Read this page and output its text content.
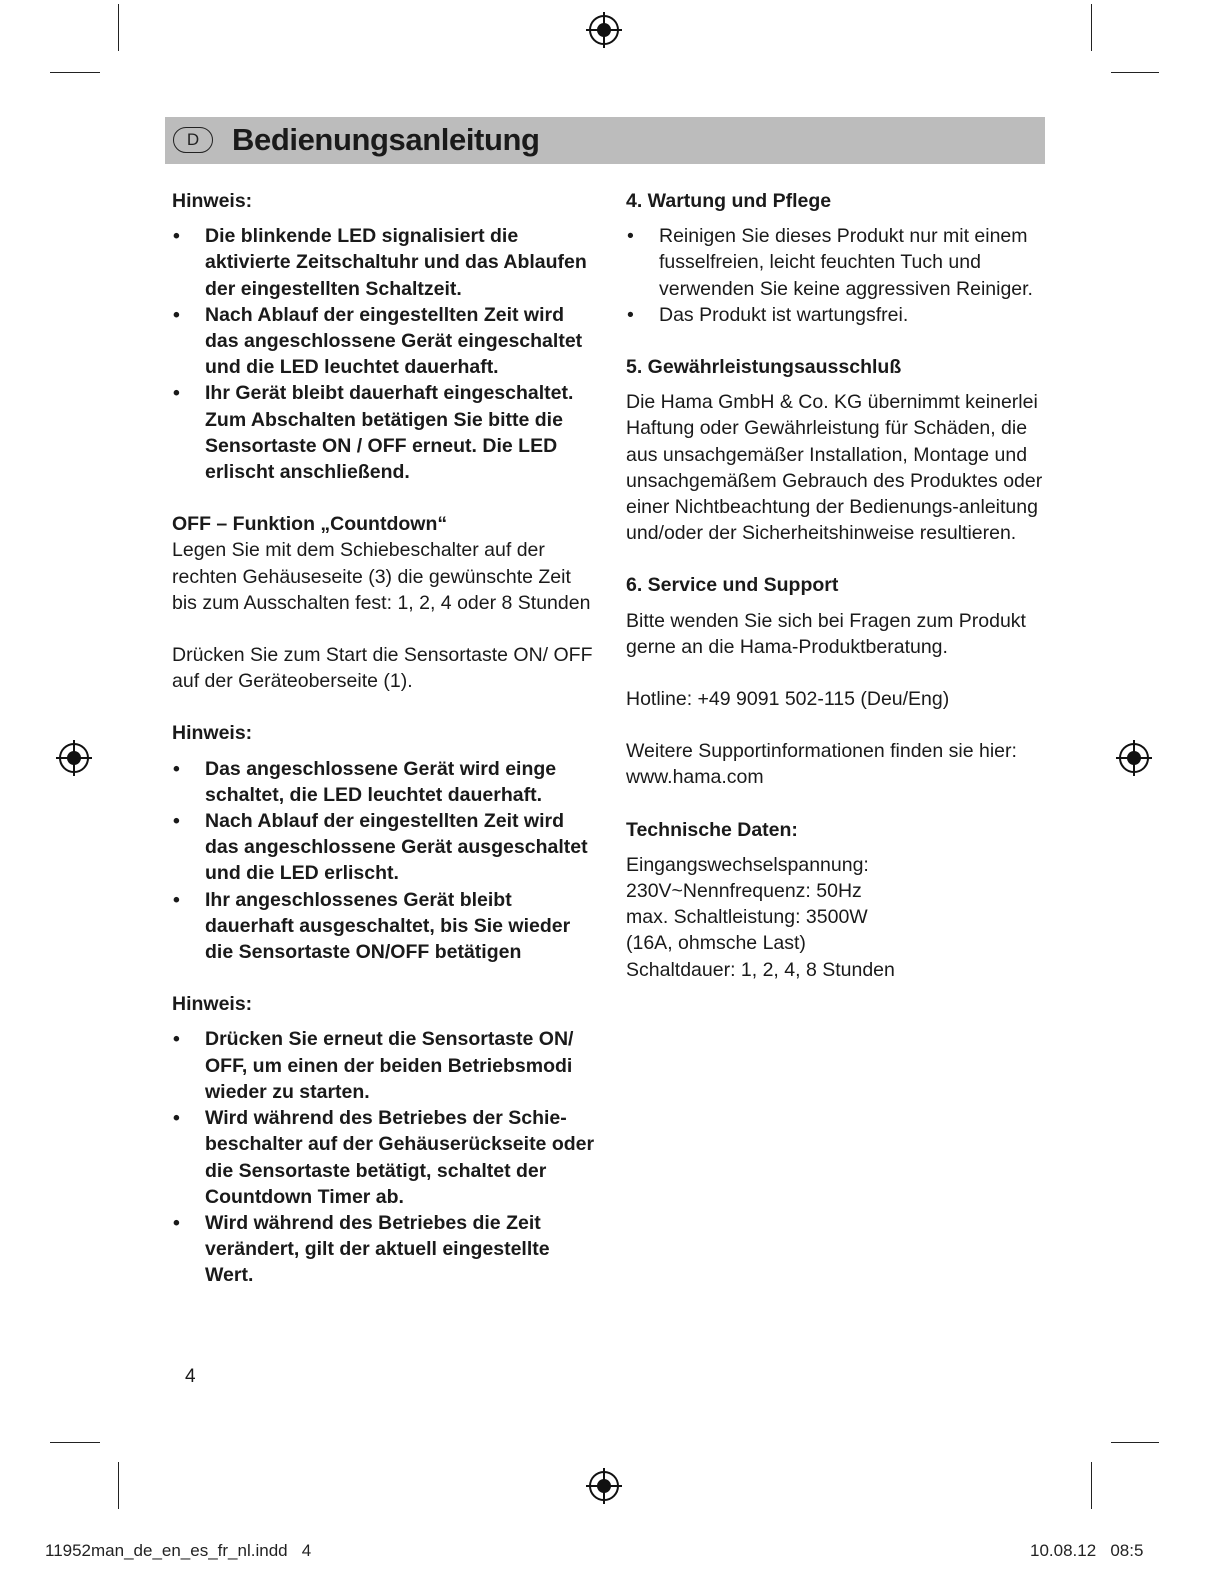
D	Bedienungsanleitung

Hinweis:

• Die blinkende LED signalisiert die aktivierte Zeitschaltuhr und das Ablaufen der eingestellten Schaltzeit.
• Nach Ablauf der eingestellten Zeit wird das angeschlossene Gerät eingeschaltet und die LED leuchtet dauerhaft.
• Ihr Gerät bleibt dauerhaft eingeschaltet. Zum Abschalten betätigen Sie bitte die Sensortaste ON / OFF erneut. Die LED erlischt anschließend.

OFF – Funktion „Countdown“

Legen Sie mit dem Schiebeschalter auf der rechten Gehäuseseite (3) die gewünschte Zeit bis zum Ausschalten fest: 1, 2, 4 oder 8 Stunden

Drücken Sie zum Start die Sensortaste ON/ OFF auf der Geräteoberseite (1).

Hinweis:

• Das angeschlossene Gerät wird einge schaltet, die LED leuchtet dauerhaft.
• Nach Ablauf der eingestellten Zeit wird das angeschlossene Gerät ausgeschaltet und die LED erlischt.
• Ihr angeschlossenes Gerät bleibt dauerhaft ausgeschaltet, bis Sie wieder die Sensortaste ON/OFF betätigen

Hinweis:

• Drücken Sie erneut die Sensortaste ON/ OFF, um einen der beiden Betriebsmodi wieder zu starten.
• Wird während des Betriebes der Schie-beschalter auf der Gehäuserückseite oder die Sensortaste betätigt, schaltet der Countdown Timer ab.
• Wird während des Betriebes die Zeit verändert, gilt der aktuell eingestellte Wert.

4. Wartung und Pflege

• Reinigen Sie dieses Produkt nur mit einem fusselfreien, leicht feuchten Tuch und verwenden Sie keine aggressiven Reiniger.
• Das Produkt ist wartungsfrei.

5. Gewährleistungsausschluß

Die Hama GmbH & Co. KG übernimmt keinerlei Haftung oder Gewährleistung für Schäden, die aus unsachgemäßer Installation, Montage und unsachgemäßem Gebrauch des Produktes oder einer Nichtbeachtung der Bedienungs-anleitung und/oder der Sicherheitshinweise resultieren.

6. Service und Support

Bitte wenden Sie sich bei Fragen zum Produkt gerne an die Hama-Produktberatung.

Hotline: +49 9091 502-115 (Deu/Eng)

Weitere Supportinformationen finden sie hier:

www.hama.com

Technische Daten:

Eingangswechselspannung:

230V~Nennfrequenz: 50Hz

max. Schaltleistung: 3500W

(16A, ohmsche Last)

Schaltdauer: 1, 2, 4, 8 Stunden

4
11952man_de_en_es_fr_nl.indd   4	10.08.12   08:5
